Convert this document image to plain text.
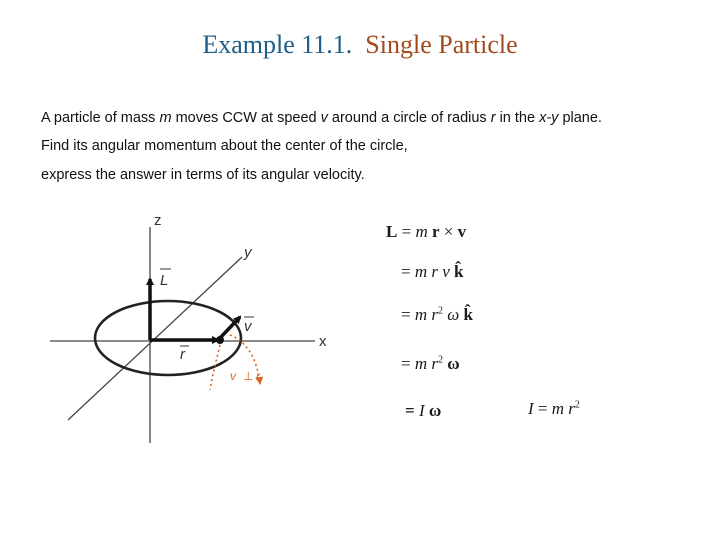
Example 11.1. Single Particle
A particle of mass m moves CCW at speed v around a circle of radius r in the x-y plane.
Find its angular momentum about the center of the circle,
express the answer in terms of its angular velocity.
z
y
x
L
v
r
v ⊥ r
L = m r × v
= m r v k̂
= m $r^2$ ω k̂
= m $r^2$ ω
= I ω	I = m $r^2$
